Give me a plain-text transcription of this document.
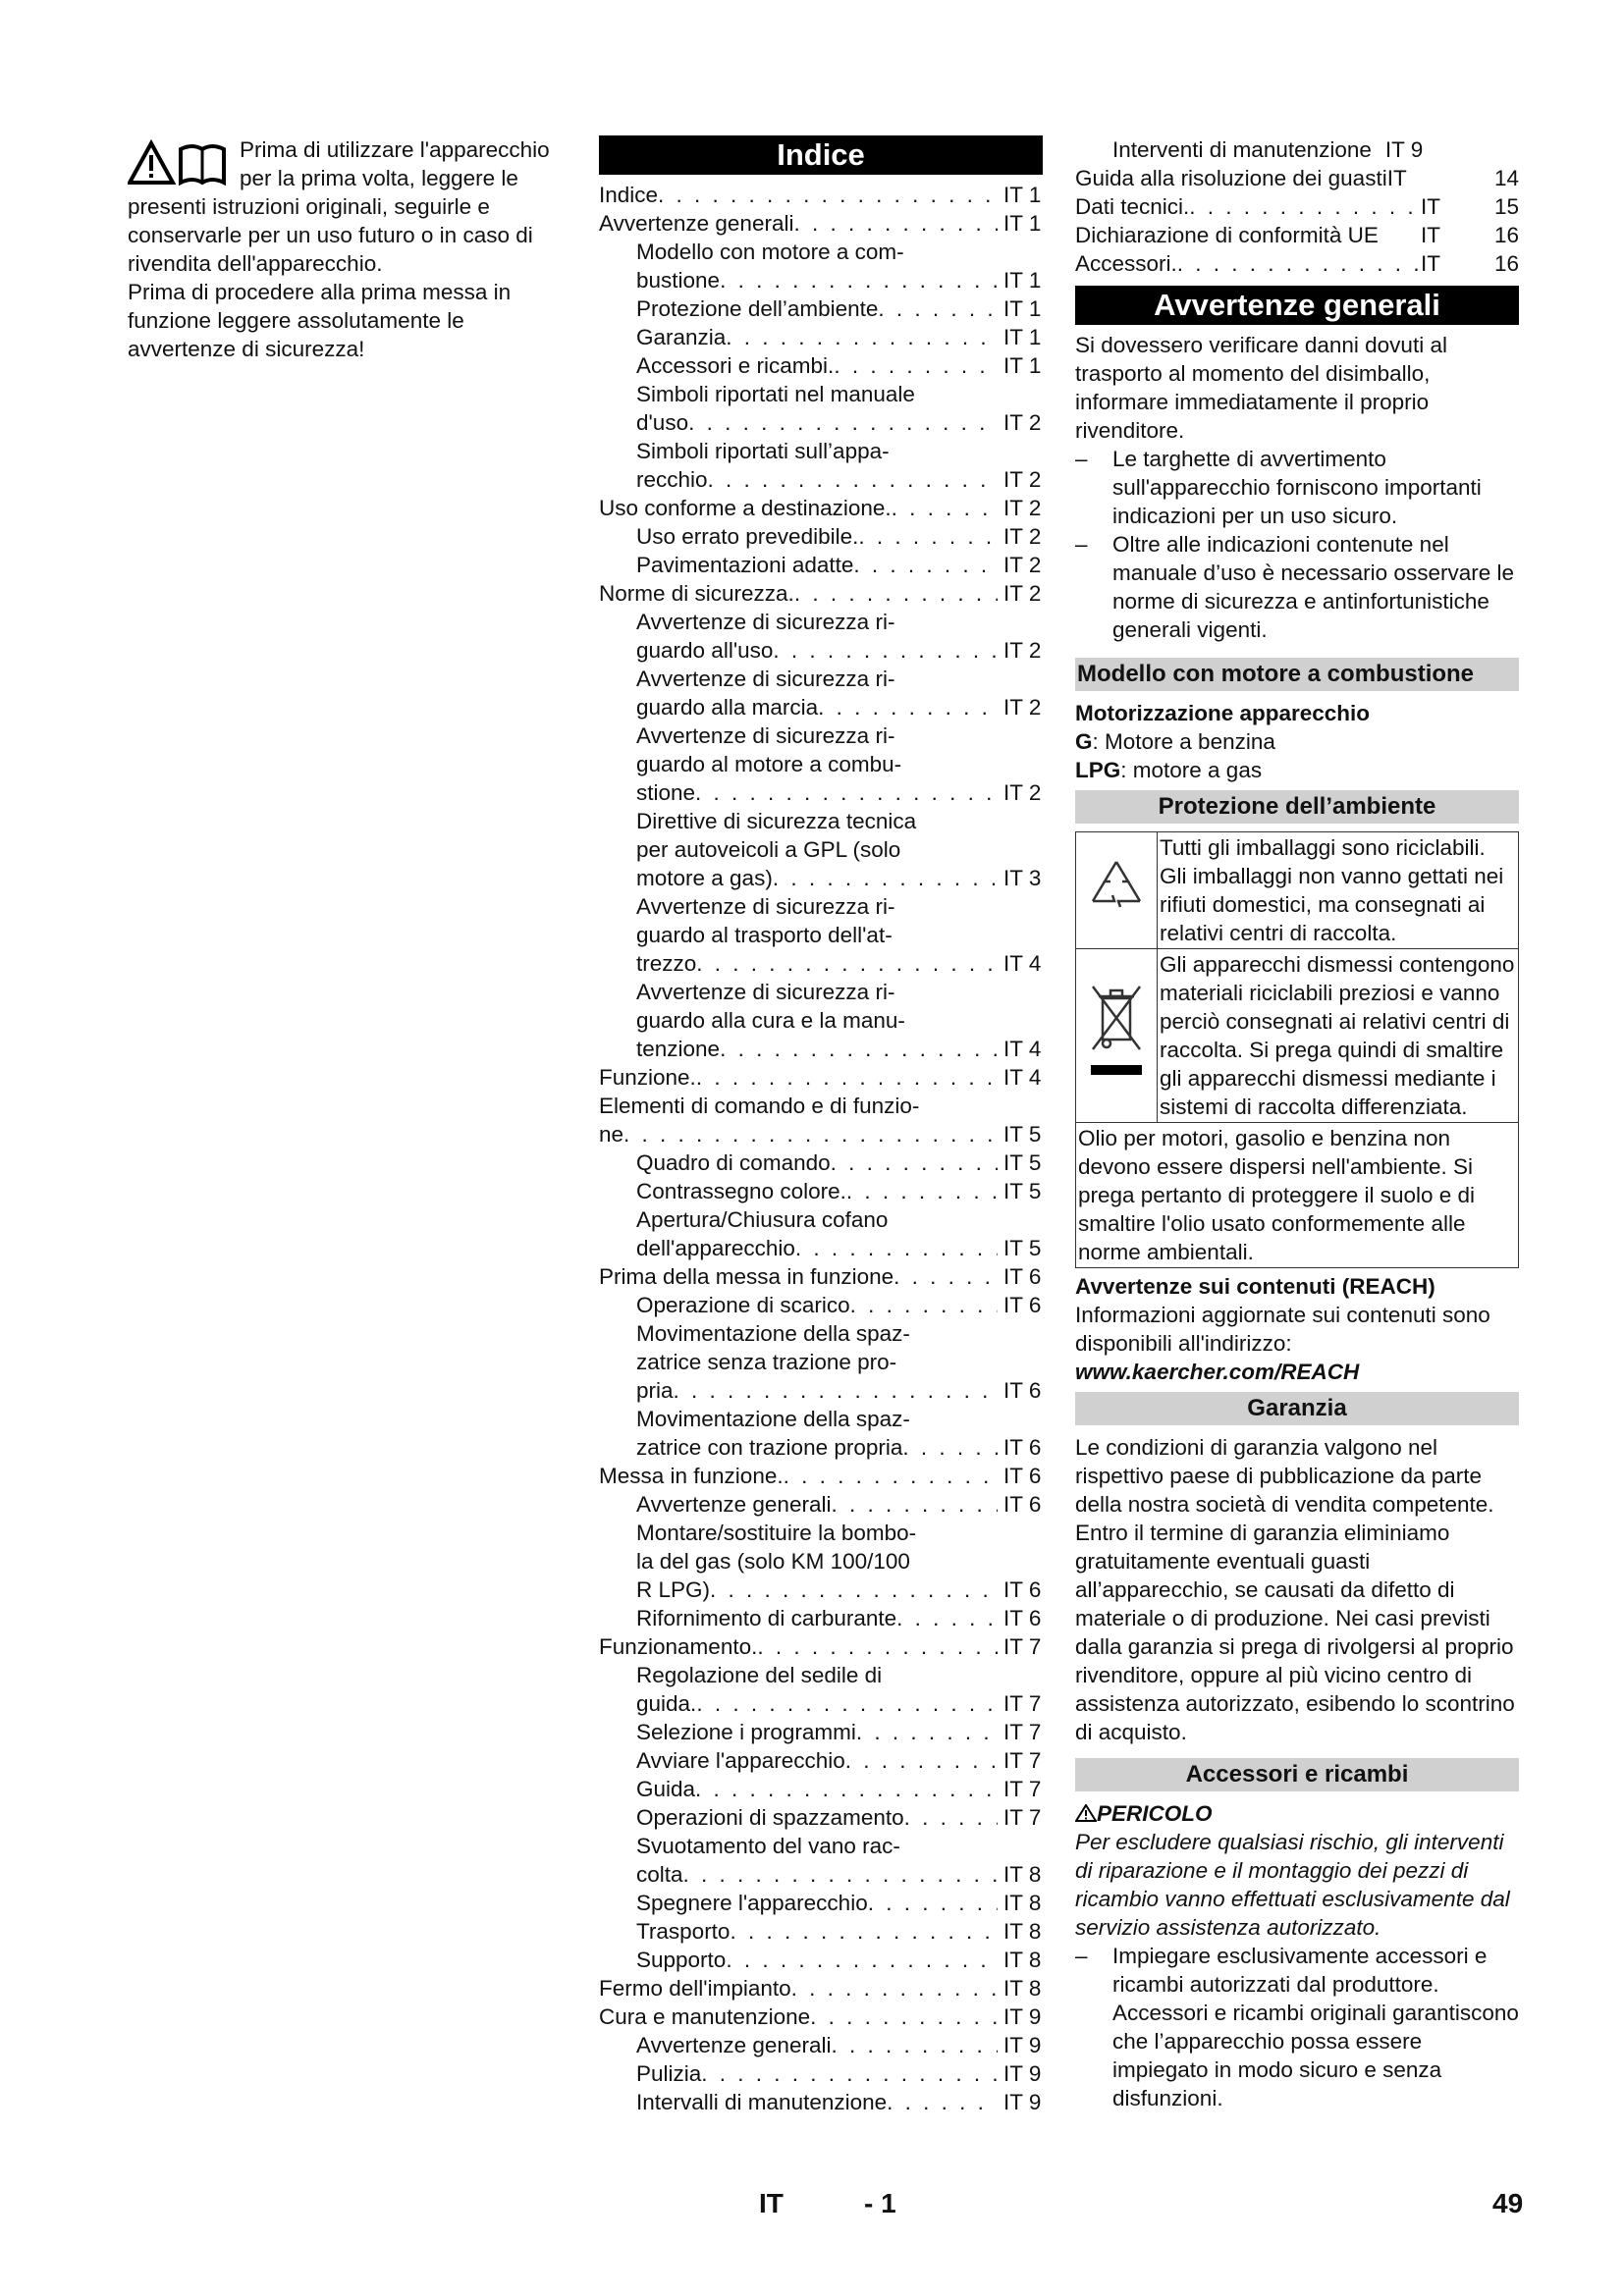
Prima di utilizzare l'apparecchio per la prima volta, leggere le presenti istruzioni originali, seguirle e conservarle per un uso futuro o in caso di rivendita dell'apparecchio.

Prima di procedere alla prima messa in funzione leggere assolutamente le avvertenze di sicurezza!

Indice
Indice . . .	IT 1
Avvertenze generali . . .	IT 1
Modello con motore a com-
bustione . . .	IT 1
Protezione dell’ambiente . . .	IT 1
Garanzia . . .	IT 1
Accessori e ricambi. . . .	IT 1
Simboli riportati nel manuale
d'uso . . .	IT 2
Simboli riportati sull’appa-
recchio . . .	IT 2
Uso conforme a destinazione. . . .	IT 2
Uso errato prevedibile. . . .	IT 2
Pavimentazioni adatte . . .	IT 2
Norme di sicurezza. . . .	IT 2
Avvertenze di sicurezza ri-
guardo all'uso . . .	IT 2
Avvertenze di sicurezza ri-
guardo alla marcia . . .	IT 2
Avvertenze di sicurezza ri-
guardo al motore a combu-
stione . . .	IT 2
Direttive di sicurezza tecnica
per autoveicoli a GPL (solo
motore a gas) . . .	IT 3
Avvertenze di sicurezza ri-
guardo al trasporto dell'at-
trezzo . . .	IT 4
Avvertenze di sicurezza ri-
guardo alla cura e la manu-
tenzione . . .	IT 4
Funzione. . . .	IT 4
Elementi di comando e di funzio-
ne . . .	IT 5
Quadro di comando . . .	IT 5
Contrassegno colore. . . .	IT 5
Apertura/Chiusura cofano
dell'apparecchio . . .	IT 5
Prima della messa in funzione . . .	IT 6
Operazione di scarico . . .	IT 6
Movimentazione della spaz-
zatrice senza trazione pro-
pria . . .	IT 6
Movimentazione della spaz-
zatrice con trazione propria . . .	IT 6
Messa in funzione. . . .	IT 6
Avvertenze generali . . .	IT 6
Montare/sostituire la bombo-
la del gas (solo KM 100/100
R LPG) . . .	IT 6
Rifornimento di carburante . . .	IT 6
Funzionamento. . . .	IT 7
Regolazione del sedile di
guida. . . .	IT 7
Selezione i programmi . . .	IT 7
Avviare l'apparecchio . . .	IT 7
Guida . . .	IT 7
Operazioni di spazzamento . . .	IT 7
Svuotamento del vano rac-
colta . . .	IT 8
Spegnere l'apparecchio . . .	IT 8
Trasporto . . .	IT 8
Supporto . . .	IT 8
Fermo dell'impianto . . .	IT 8
Cura e manutenzione . . .	IT 9
Avvertenze generali . . .	IT 9
Pulizia . . .	IT 9
Intervalli di manutenzione . . .	IT 9
Interventi di manutenzione IT 9
Guida alla risoluzione dei guasti IT	14
Dati tecnici. . . .	IT	15
Dichiarazione di conformità UE IT	16
Accessori. . . .	IT	16
Avvertenze generali

Si dovessero verificare danni dovuti al trasporto al momento del disimballo, informare immediatamente il proprio rivenditore.

– Le targhette di avvertimento sull'apparecchio forniscono importanti indicazioni per un uso sicuro.

– Oltre alle indicazioni contenute nel manuale d’uso è necessario osservare le norme di sicurezza e antinfortunistiche generali vigenti.

Modello con motore a combustione

Motorizzazione apparecchio

G: Motore a benzina

LPG: motore a gas

Protezione dell’ambiente
	Tutti gli imballaggi sono riciclabili. Gli imballaggi non vanno gettati nei rifiuti domestici, ma consegnati ai relativi centri di raccolta.
	Gli apparecchi dismessi contengono materiali riciclabili preziosi e vanno perciò consegnati ai relativi centri di raccolta. Si prega quindi di smaltire gli apparecchi dismessi mediante i sistemi di raccolta differenziata.
Olio per motori, gasolio e benzina non devono essere dispersi nell'ambiente. Si prega pertanto di proteggere il suolo e di smaltire l'olio usato conformemente alle norme ambientali.	

Avvertenze sui contenuti (REACH)

Informazioni aggiornate sui contenuti sono disponibili all'indirizzo:

www.kaercher.com/REACH

Garanzia

Le condizioni di garanzia valgono nel rispettivo paese di pubblicazione da parte della nostra società di vendita competente. Entro il termine di garanzia eliminiamo gratuitamente eventuali guasti all’apparecchio, se causati da difetto di materiale o di produzione. Nei casi previsti dalla garanzia si prega di rivolgersi al proprio rivenditore, oppure al più vicino centro di assistenza autorizzato, esibendo lo scontrino di acquisto.

Accessori e ricambi

PERICOLO

Per escludere qualsiasi rischio, gli interventi di riparazione e il montaggio dei pezzi di ricambio vanno effettuati esclusivamente dal servizio assistenza autorizzato.

– Impiegare esclusivamente accessori e ricambi autorizzati dal produttore. Accessori e ricambi originali garantiscono che l’apparecchio possa essere impiegato in modo sicuro e senza disfunzioni.

IT	- 1	49
